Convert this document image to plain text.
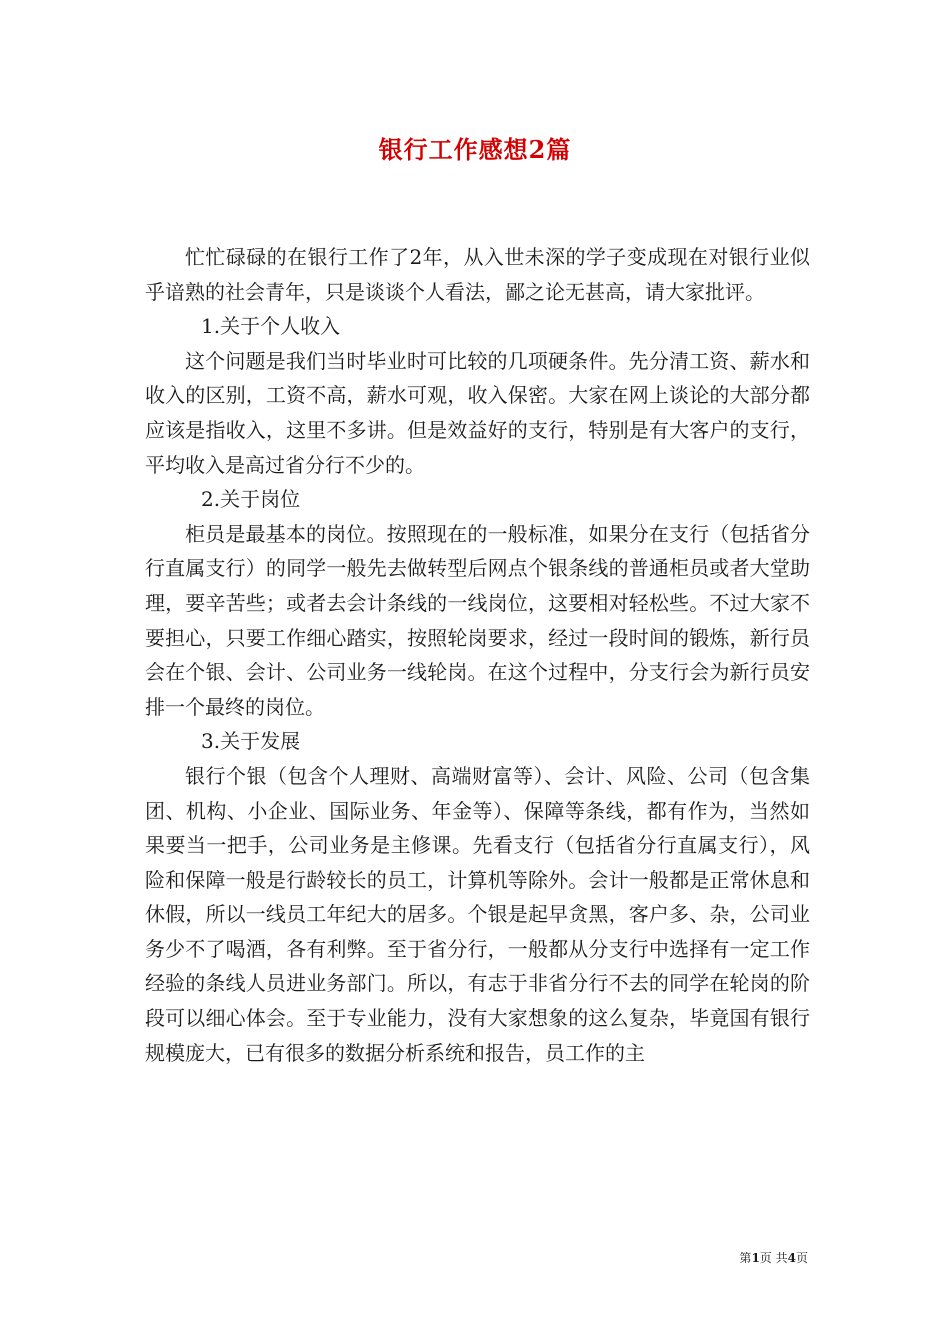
银行工作感想2篇

忙忙碌碌的在银行工作了2年，从入世未深的学子变成现在对银行业似乎谙熟的社会青年，只是谈谈个人看法，鄙之论无甚高，请大家批评。

1.关于个人收入

这个问题是我们当时毕业时可比较的几项硬条件。先分清工资、薪水和收入的区别，工资不高，薪水可观，收入保密。大家在网上谈论的大部分都应该是指收入，这里不多讲。但是效益好的支行，特别是有大客户的支行，平均收入是高过省分行不少的。

2.关于岗位

柜员是最基本的岗位。按照现在的一般标准，如果分在支行（包括省分行直属支行）的同学一般先去做转型后网点个银条线的普通柜员或者大堂助理，要辛苦些；或者去会计条线的一线岗位，这要相对轻松些。不过大家不要担心，只要工作细心踏实，按照轮岗要求，经过一段时间的锻炼，新行员会在个银、会计、公司业务一线轮岗。在这个过程中，分支行会为新行员安排一个最终的岗位。

3.关于发展

银行个银（包含个人理财、高端财富等）、会计、风险、公司（包含集团、机构、小企业、国际业务、年金等）、保障等条线，都有作为，当然如果要当一把手，公司业务是主修课。先看支行（包括省分行直属支行），风险和保障一般是行龄较长的员工，计算机等除外。会计一般都是正常休息和休假，所以一线员工年纪大的居多。个银是起早贪黑，客户多、杂，公司业务少不了喝酒，各有利弊。至于省分行，一般都从分支行中选择有一定工作经验的条线人员进业务部门。所以，有志于非省分行不去的同学在轮岗的阶段可以细心体会。至于专业能力，没有大家想象的这么复杂，毕竟国有银行规模庞大，已有很多的数据分析系统和报告，员工作的主

第1页 共4页
